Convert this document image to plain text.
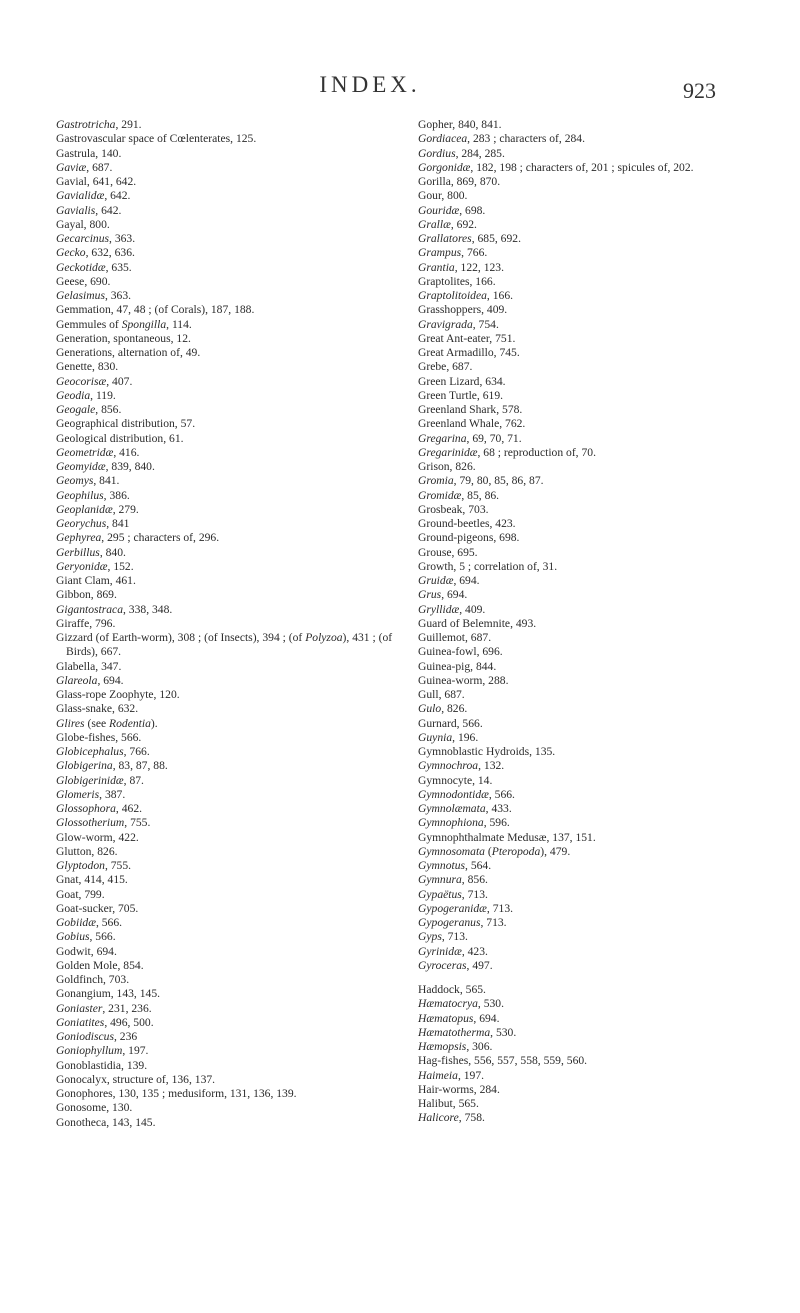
INDEX.	923
Gastrotricha, 291.
Gastrovascular space of Cœlenterates, 125.
Gastrula, 140.
Gaviæ, 687.
Gavial, 641, 642.
Gavialidæ, 642.
Gavialis, 642.
Gayal, 800.
Gecarcinus, 363.
Gecko, 632, 636.
Geckotidæ, 635.
Geese, 690.
Gelasimus, 363.
Gemmation, 47, 48 ; (of Corals), 187, 188.
Gemmules of Spongilla, 114.
Generation, spontaneous, 12.
Generations, alternation of, 49.
Genette, 830.
Geocorisæ, 407.
Geodia, 119.
Geogale, 856.
Geographical distribution, 57.
Geological distribution, 61.
Geometridæ, 416.
Geomyidæ, 839, 840.
Geomys, 841.
Geophilus, 386.
Geoplanidæ, 279.
Georychus, 841
Gephyrea, 295 ; characters of, 296.
Gerbillus, 840.
Geryonidæ, 152.
Giant Clam, 461.
Gibbon, 869.
Gigantostraca, 338, 348.
Giraffe, 796.
Gizzard (of Earth-worm), 308 ; (of Insects), 394 ; (of Polyzoa), 431 ; (of Birds), 667.
Glabella, 347.
Glareola, 694.
Glass-rope Zoophyte, 120.
Glass-snake, 632.
Glires (see Rodentia).
Globe-fishes, 566.
Globicephalus, 766.
Globigerina, 83, 87, 88.
Globigerinidæ, 87.
Glomeris, 387.
Glossophora, 462.
Glossotherium, 755.
Glow-worm, 422.
Glutton, 826.
Glyptodon, 755.
Gnat, 414, 415.
Goat, 799.
Goat-sucker, 705.
Gobiidæ, 566.
Gobius, 566.
Godwit, 694.
Golden Mole, 854.
Goldfinch, 703.
Gonangium, 143, 145.
Goniaster, 231, 236.
Goniatites, 496, 500.
Goniodiscus, 236
Goniophyllum, 197.
Gonoblastidia, 139.
Gonocalyx, structure of, 136, 137.
Gonophores, 130, 135 ; medusiform, 131, 136, 139.
Gonosome, 130.
Gonotheca, 143, 145.
Gopher, 840, 841.
Gordiacea, 283 ; characters of, 284.
Gordius, 284, 285.
Gorgonidæ, 182, 198 ; characters of, 201 ; spicules of, 202.
Gorilla, 869, 870.
Gour, 800.
Gouridæ, 698.
Grallæ, 692.
Grallatores, 685, 692.
Grampus, 766.
Grantia, 122, 123.
Graptolites, 166.
Graptolitoidea, 166.
Grasshoppers, 409.
Gravigrada, 754.
Great Ant-eater, 751.
Great Armadillo, 745.
Grebe, 687.
Green Lizard, 634.
Green Turtle, 619.
Greenland Shark, 578.
Greenland Whale, 762.
Gregarina, 69, 70, 71.
Gregarinidæ, 68 ; reproduction of, 70.
Grison, 826.
Gromia, 79, 80, 85, 86, 87.
Gromidæ, 85, 86.
Grosbeak, 703.
Ground-beetles, 423.
Ground-pigeons, 698.
Grouse, 695.
Growth, 5 ; correlation of, 31.
Gruidæ, 694.
Grus, 694.
Gryllidæ, 409.
Guard of Belemnite, 493.
Guillemot, 687.
Guinea-fowl, 696.
Guinea-pig, 844.
Guinea-worm, 288.
Gull, 687.
Gulo, 826.
Gurnard, 566.
Guynia, 196.
Gymnoblastic Hydroids, 135.
Gymnochroa, 132.
Gymnocyte, 14.
Gymnodontidæ, 566.
Gymnolæmata, 433.
Gymnophiona, 596.
Gymnophthalmate Medusæ, 137, 151.
Gymnosomata (Pteropoda), 479.
Gymnotus, 564.
Gymnura, 856.
Gypaëtus, 713.
Gypogeranidæ, 713.
Gypogeranus, 713.
Gyps, 713.
Gyrinidæ, 423.
Gyroceras, 497.
Haddock, 565.
Hæmatocrya, 530.
Hæmatopus, 694.
Hæmatotherma, 530.
Hæmopsis, 306.
Hag-fishes, 556, 557, 558, 559, 560.
Haimeia, 197.
Hair-worms, 284.
Halibut, 565.
Halicore, 758.
